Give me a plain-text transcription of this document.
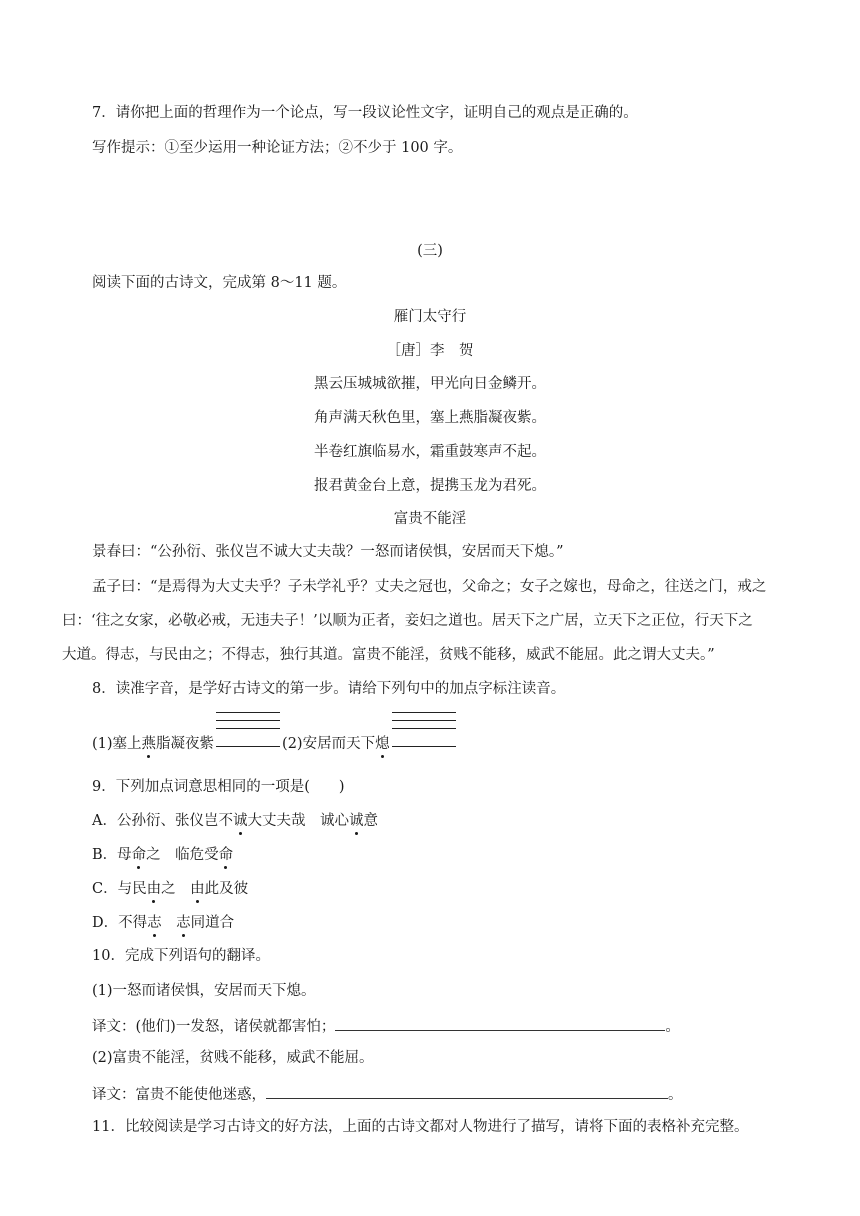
7．请你把上面的哲理作为一个论点，写一段议论性文字，证明自己的观点是正确的。
写作提示：①至少运用一种论证方法；②不少于 100 字。
(三)
阅读下面的古诗文，完成第 8～11 题。
雁门太守行
［唐］李　贺
黑云压城城欲摧，甲光向日金鳞开。
角声满天秋色里，塞上燕脂凝夜紫。
半卷红旗临易水，霜重鼓寒声不起。
报君黄金台上意，提携玉龙为君死。
富贵不能淫
景春曰：“公孙衍、张仪岂不诚大丈夫哉？一怒而诸侯惧，安居而天下熄。”
孟子曰：“是焉得为大丈夫乎？子未学礼乎？丈夫之冠也，父命之；女子之嫁也，母命之，往送之门，戒之
曰：‘往之女家，必敬必戒，无违夫子！’以顺为正者，妾妇之道也。居天下之广居，立天下之正位，行天下之
大道。得志，与民由之；不得志，独行其道。富贵不能淫，贫贱不能移，威武不能屈。此之谓大丈夫。”
8．读准字音，是学好古诗文的第一步。请给下列句中的加点字标注读音。
(1)塞上燕脂凝夜紫	(2)安居而天下熄
9．下列加点词意思相同的一项是(　　)
A．公孙衍、张仪岂不诚大丈夫哉　诚心诚意
B．母命之　临危受命
C．与民由之　由此及彼
D．不得志　 志同道合
10．完成下列语句的翻译。
(1)一怒而诸侯惧，安居而天下熄。
译文：(他们)一发怒，诸侯就都害怕；	。
(2)富贵不能淫，贫贱不能移，威武不能屈。
译文：富贵不能使他迷惑，	。
11．比较阅读是学习古诗文的好方法，上面的古诗文都对人物进行了描写，请将下面的表格补充完整。
